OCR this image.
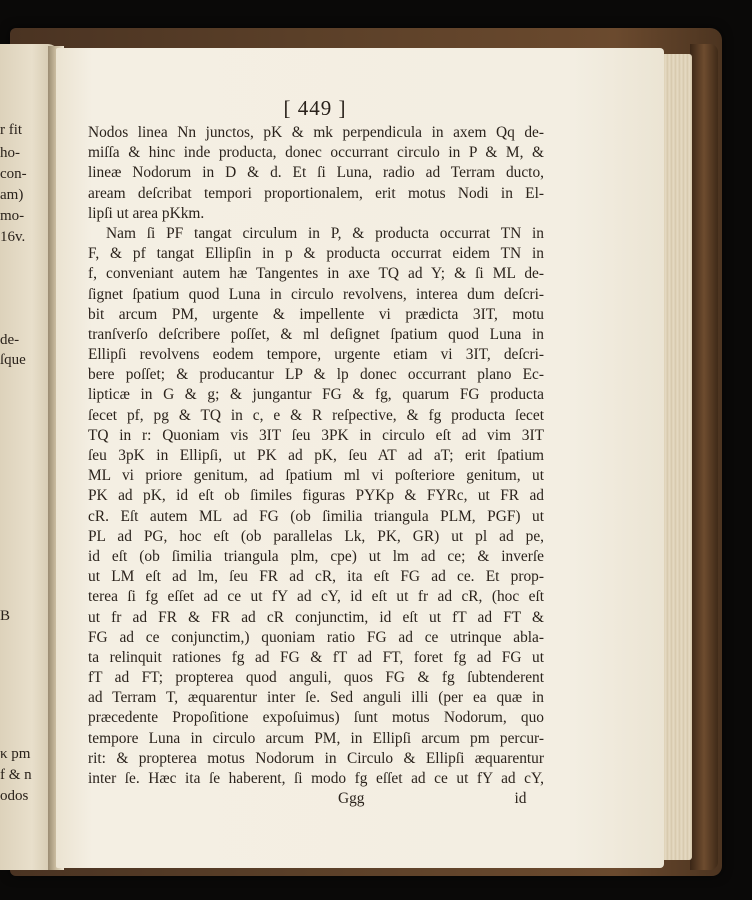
r fit

ho-

con-

am)

mo-

16v.

de-

ſque

B

κ pm

f & n

odos

[ 449 ]

Nodos linea Nn junctos, pK & mk perpendicula in axem Qq de-
miſſa & hinc inde producta, donec occurrant circulo in P & M, &
lineæ Nodorum in D & d. Et ſi Luna, radio ad Terram ducto,
aream deſcribat tempori proportionalem, erit motus Nodi in El-
lipſi ut area pKkm.
Nam ſi PF tangat circulum in P, & producta occurrat TN in
F, & pf tangat Ellipſin in p & producta occurrat eidem TN in
f, conveniant autem hæ Tangentes in axe TQ ad Y; & ſi ML de-
ſignet ſpatium quod Luna in circulo revolvens, interea dum deſcri-
bit arcum PM, urgente & impellente vi prædicta 3IT, motu
tranſverſo deſcribere poſſet, & ml deſignet ſpatium quod Luna in
Ellipſi revolvens eodem tempore, urgente etiam vi 3IT, deſcri-
bere poſſet; & producantur LP & lp donec occurrant plano Ec-
lipticæ in G & g; & jungantur FG & fg, quarum FG producta
ſecet pf, pg & TQ in c, e & R reſpective, & fg producta ſecet
TQ in r: Quoniam vis 3IT ſeu 3PK in circulo eſt ad vim 3IT
ſeu 3pK in Ellipſi, ut PK ad pK, ſeu AT ad aT; erit ſpatium
ML vi priore genitum, ad ſpatium ml vi poſteriore genitum, ut
PK ad pK, id eſt ob ſimiles figuras PYKp & FYRc, ut FR ad
cR. Eſt autem ML ad FG (ob ſimilia triangula PLM, PGF) ut
PL ad PG, hoc eſt (ob parallelas Lk, PK, GR) ut pl ad pe,
id eſt (ob ſimilia triangula plm, cpe) ut lm ad ce; & inverſe
ut LM eſt ad lm, ſeu FR ad cR, ita eſt FG ad ce. Et prop-
terea ſi fg eſſet ad ce ut fY ad cY, id eſt ut fr ad cR, (hoc eſt
ut fr ad FR & FR ad cR conjunctim, id eſt ut fT ad FT &
FG ad ce conjunctim,) quoniam ratio FG ad ce utrinque abla-
ta relinquit rationes fg ad FG & fT ad FT, foret fg ad FG ut
fT ad FT; propterea quod anguli, quos FG & fg ſubtenderent
ad Terram T, æquarentur inter ſe. Sed anguli illi (per ea quæ in
præcedente Propoſitione expoſuimus) ſunt motus Nodorum, quo
tempore Luna in circulo arcum PM, in Ellipſi arcum pm percur-
rit: & propterea motus Nodorum in Circulo & Ellipſi æquarentur
inter ſe. Hæc ita ſe haberent, ſi modo fg eſſet ad ce ut fY ad cY,
Ggg	id
